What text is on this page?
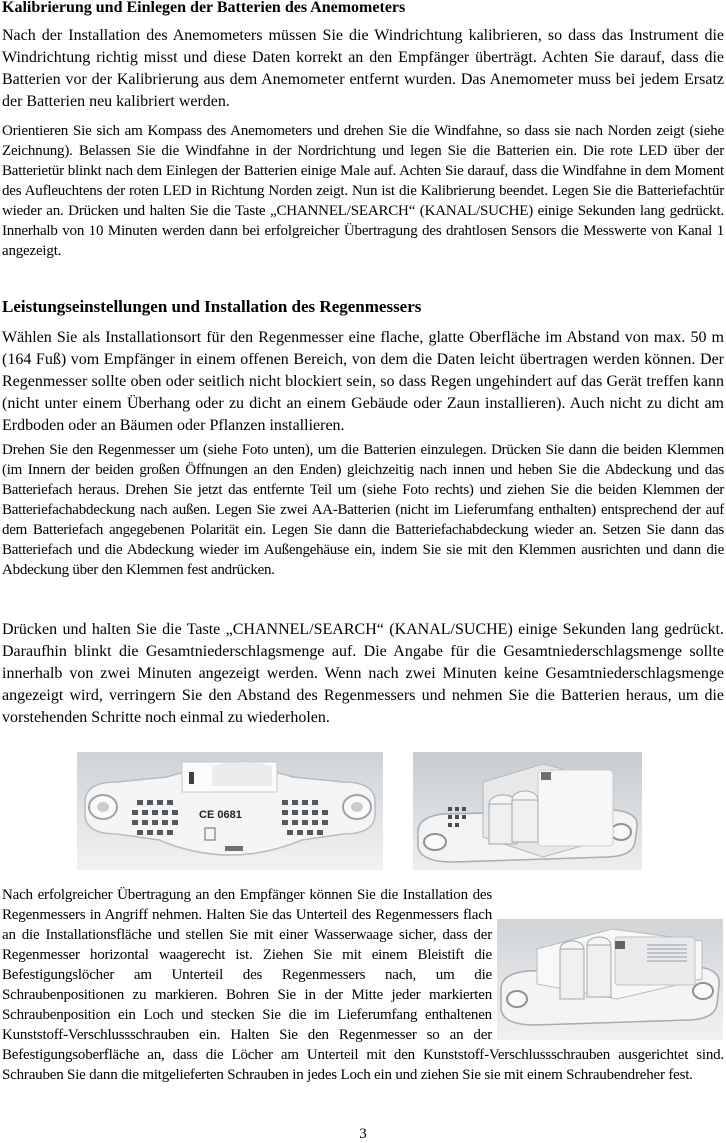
Kalibrierung und Einlegen der Batterien des Anemometers

Nach der Installation des Anemometers müssen Sie die Windrichtung kalibrieren, so dass das Instrument die Windrichtung richtig misst und diese Daten korrekt an den Empfänger überträgt. Achten Sie darauf, dass die Batterien vor der Kalibrierung aus dem Anemometer entfernt wurden. Das Anemometer muss bei jedem Ersatz der Batterien neu kalibriert werden.

Orientieren Sie sich am Kompass des Anemometers und drehen Sie die Windfahne, so dass sie nach Norden zeigt (siehe Zeichnung). Belassen Sie die Windfahne in der Nordrichtung und legen Sie die Batterien ein. Die rote LED über der Batterietür blinkt nach dem Einlegen der Batterien einige Male auf. Achten Sie darauf, dass die Windfahne in dem Moment des Aufleuchtens der roten LED in Richtung Norden zeigt. Nun ist die Kalibrierung beendet. Legen Sie die Batteriefachtür wieder an. Drücken und halten Sie die Taste „CHANNEL/SEARCH“ (KANAL/SUCHE) einige Sekunden lang gedrückt. Innerhalb von 10 Minuten werden dann bei erfolgreicher Übertragung des drahtlosen Sensors die Messwerte von Kanal 1 angezeigt.

Leistungseinstellungen und Installation des Regenmessers

Wählen Sie als Installationsort für den Regenmesser eine flache, glatte Oberfläche im Abstand von max. 50 m (164 Fuß) vom Empfänger in einem offenen Bereich, von dem die Daten leicht übertragen werden können. Der Regenmesser sollte oben oder seitlich nicht blockiert sein, so dass Regen ungehindert auf das Gerät treffen kann (nicht unter einem Überhang oder zu dicht an einem Gebäude oder Zaun installieren). Auch nicht zu dicht am Erdboden oder an Bäumen oder Pflanzen installieren.

Drehen Sie den Regenmesser um (siehe Foto unten), um die Batterien einzulegen. Drücken Sie dann die beiden Klemmen (im Innern der beiden großen Öffnungen an den Enden) gleichzeitig nach innen und heben Sie die Abdeckung und das Batteriefach heraus. Drehen Sie jetzt das entfernte Teil um (siehe Foto rechts) und ziehen Sie die beiden Klemmen der Batteriefachabdeckung nach außen. Legen Sie zwei AA-Batterien (nicht im Lieferumfang enthalten) entsprechend der auf dem Batteriefach angegebenen Polarität ein. Legen Sie dann die Batteriefachabdeckung wieder an. Setzen Sie dann das Batteriefach und die Abdeckung wieder im Außengehäuse ein, indem Sie sie mit den Klemmen ausrichten und dann die Abdeckung über den Klemmen fest andrücken.

Drücken und halten Sie die Taste „CHANNEL/SEARCH“ (KANAL/SUCHE) einige Sekunden lang gedrückt. Daraufhin blinkt die Gesamtniederschlagsmenge auf. Die Angabe für die Gesamtniederschlagsmenge sollte innerhalb von zwei Minuten angezeigt werden. Wenn nach zwei Minuten keine Gesamtniederschlagsmenge angezeigt wird, verringern Sie den Abstand des Regenmessers und nehmen Sie die Batterien heraus, um die vorstehenden Schritte noch einmal zu wiederholen.

CE 0681

Nach erfolgreicher Übertragung an den Empfänger können Sie die Installation des Regenmessers in Angriff nehmen. Halten Sie das Unterteil des Regenmessers flach an die Installationsfläche und stellen Sie mit einer Wasserwaage sicher, dass der Regenmesser horizontal waagerecht ist. Ziehen Sie mit einem Bleistift die Befestigungslöcher am Unterteil des Regenmessers nach, um die Schraubenpositionen zu markieren. Bohren Sie in der Mitte jeder markierten Schraubenposition ein Loch und stecken Sie die im Lieferumfang enthaltenen Kunststoff-Verschlussschrauben ein. Halten Sie den Regenmesser so an der Befestigungsoberfläche an, dass die Löcher am Unterteil mit den Kunststoff-Verschlussschrauben ausgerichtet sind. Schrauben Sie dann die mitgelieferten Schrauben in jedes Loch ein und ziehen Sie sie mit einem Schraubendreher fest.

3
